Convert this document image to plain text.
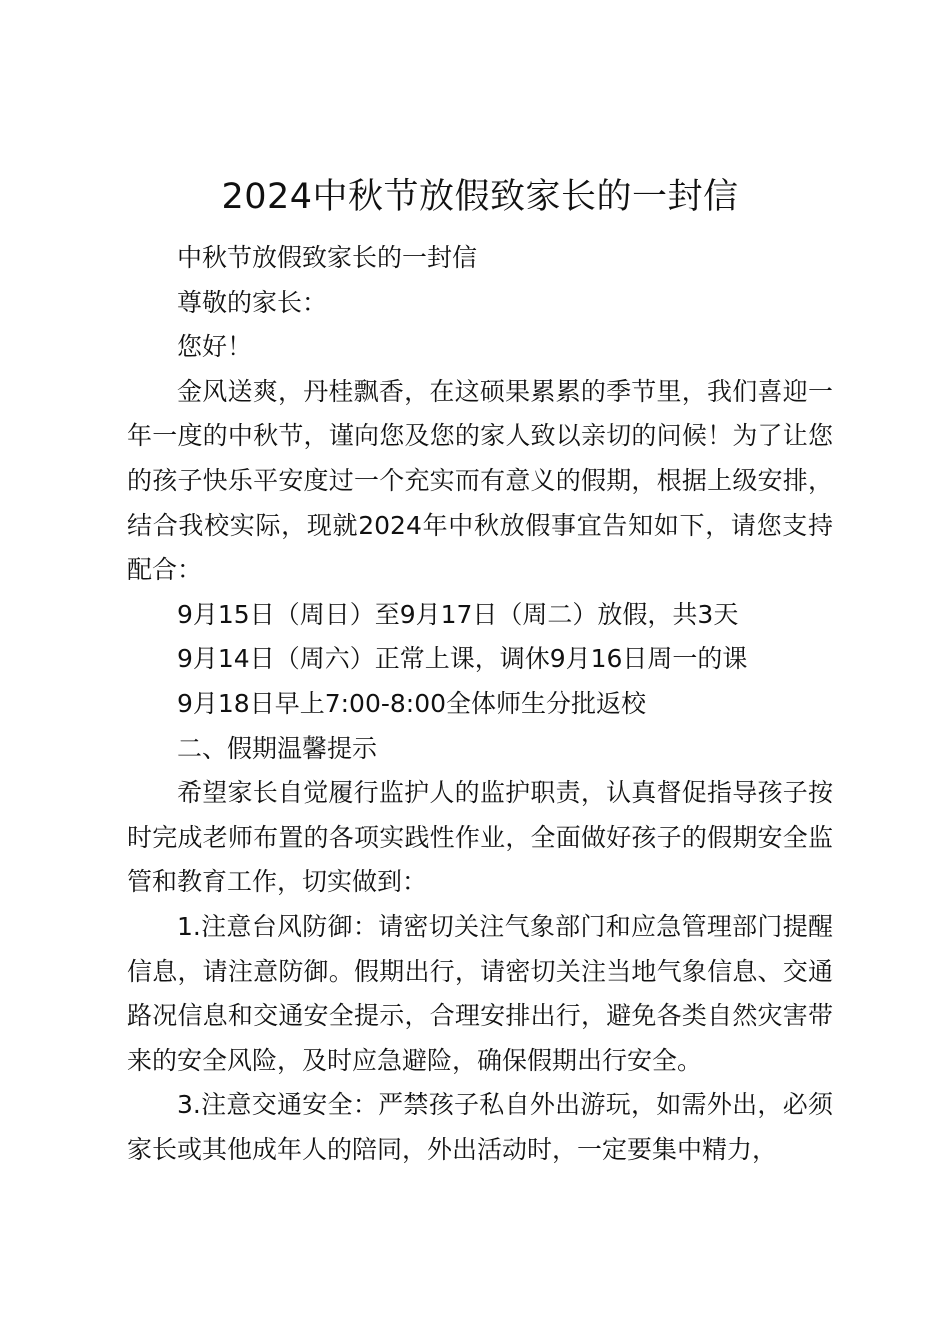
2024中秋节放假致家长的一封信

中秋节放假致家长的一封信

尊敬的家长：

您好！

金风送爽，丹桂飘香，在这硕果累累的季节里，我们喜迎一年一度的中秋节，谨向您及您的家人致以亲切的问候！为了让您的孩子快乐平安度过一个充实而有意义的假期，根据上级安排，结合我校实际，现就2024年中秋放假事宜告知如下，请您支持配合：

9月15日（周日）至9月17日（周二）放假，共3天

9月14日（周六）正常上课，调休9月16日周一的课

9月18日早上7:00-8:00全体师生分批返校

二、假期温馨提示

希望家长自觉履行监护人的监护职责，认真督促指导孩子按时完成老师布置的各项实践性作业，全面做好孩子的假期安全监管和教育工作，切实做到：

1.注意台风防御：请密切关注气象部门和应急管理部门提醒信息，请注意防御。假期出行，请密切关注当地气象信息、交通路况信息和交通安全提示，合理安排出行，避免各类自然灾害带来的安全风险，及时应急避险，确保假期出行安全。

3.注意交通安全：严禁孩子私自外出游玩，如需外出，必须家长或其他成年人的陪同，外出活动时，一定要集中精力，
